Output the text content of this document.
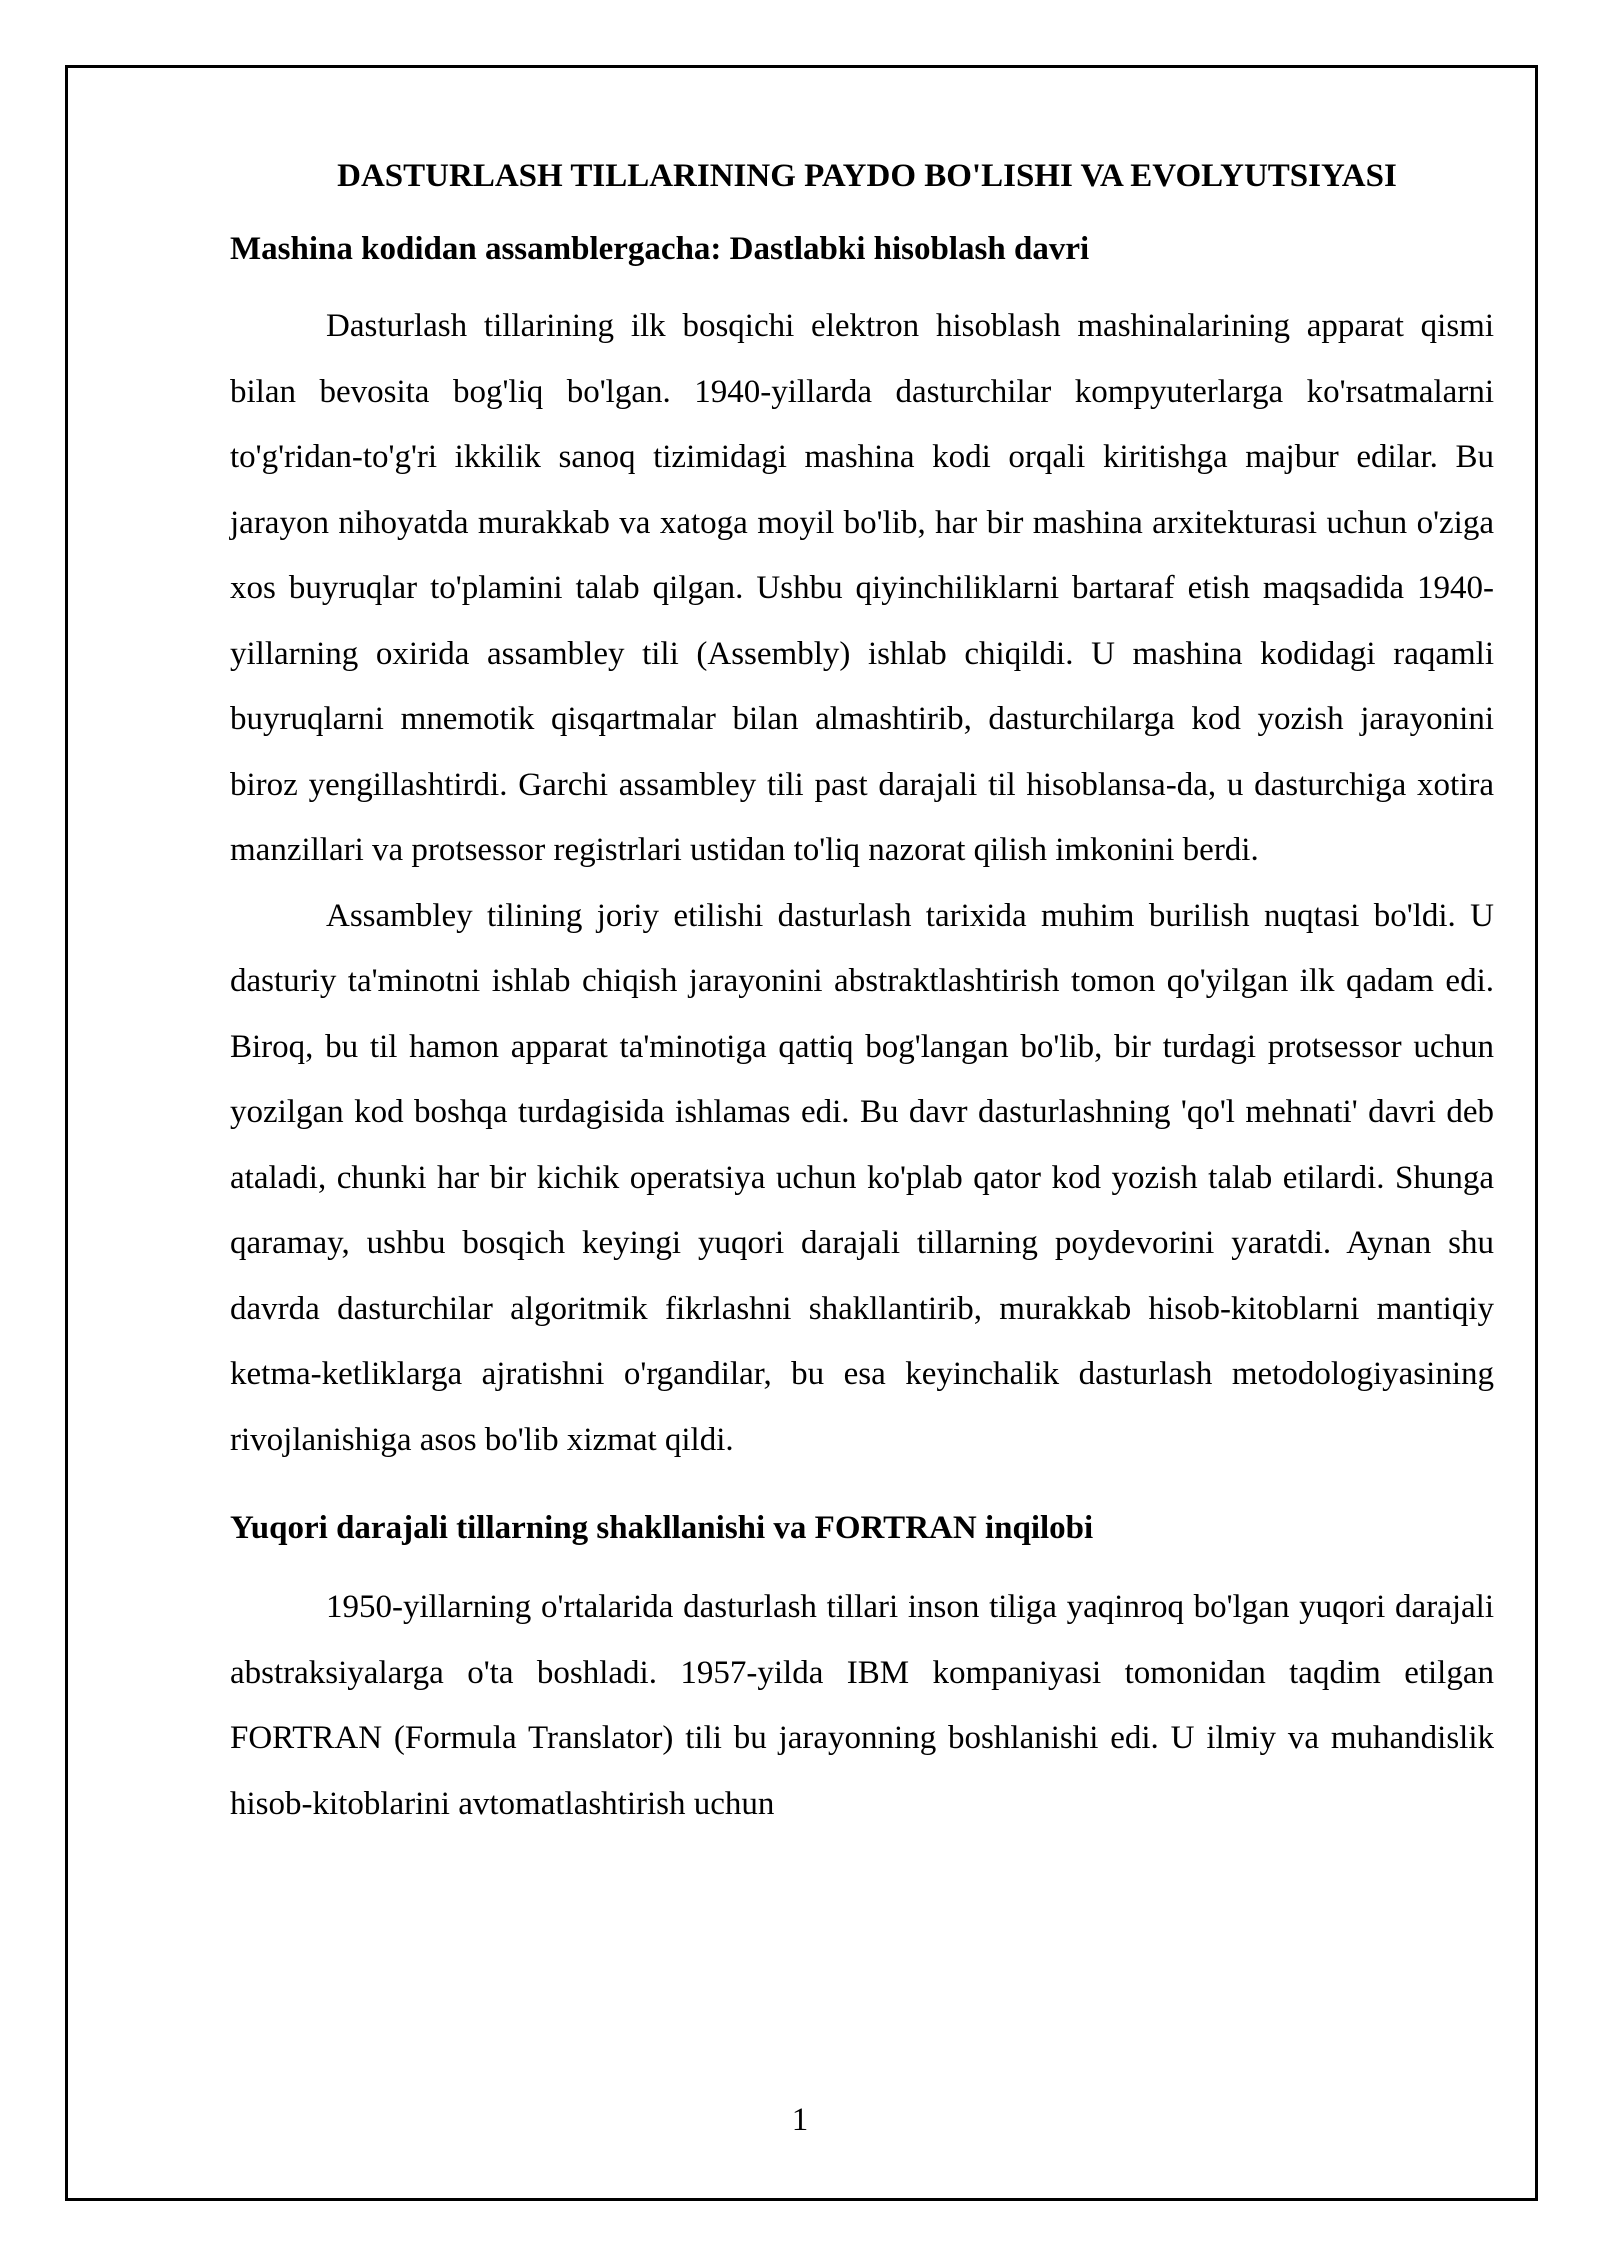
DASTURLASH TILLARINING PAYDO BO'LISHI VA EVOLYUTSIYASI
Mashina kodidan assamblergacha: Dastlabki hisoblash davri

Dasturlash tillarining ilk bosqichi elektron hisoblash mashinalarining apparat qismi bilan bevosita bog'liq bo'lgan. 1940-yillarda dasturchilar kompyuterlarga ko'rsatmalarni to'g'ridan-to'g'ri ikkilik sanoq tizimidagi mashina kodi orqali kiritishga majbur edilar. Bu jarayon nihoyatda murakkab va xatoga moyil bo'lib, har bir mashina arxitekturasi uchun o'ziga xos buyruqlar to'plamini talab qilgan. Ushbu qiyinchiliklarni bartaraf etish maqsadida 1940-yillarning oxirida assambley tili (Assembly) ishlab chiqildi. U mashina kodidagi raqamli buyruqlarni mnemotik qisqartmalar bilan almashtirib, dasturchilarga kod yozish jarayonini biroz yengillashtirdi. Garchi assambley tili past darajali til hisoblansa-da, u dasturchiga xotira manzillari va protsessor registrlari ustidan to'liq nazorat qilish imkonini berdi.

Assambley tilining joriy etilishi dasturlash tarixida muhim burilish nuqtasi bo'ldi. U dasturiy ta'minotni ishlab chiqish jarayonini abstraktlashtirish tomon qo'yilgan ilk qadam edi. Biroq, bu til hamon apparat ta'minotiga qattiq bog'langan bo'lib, bir turdagi protsessor uchun yozilgan kod boshqa turdagisida ishlamas edi. Bu davr dasturlashning 'qo'l mehnati' davri deb ataladi, chunki har bir kichik operatsiya uchun ko'plab qator kod yozish talab etilardi. Shunga qaramay, ushbu bosqich keyingi yuqori darajali tillarning poydevorini yaratdi. Aynan shu davrda dasturchilar algoritmik fikrlashni shakllantirib, murakkab hisob-kitoblarni mantiqiy ketma-ketliklarga ajratishni o'rgandilar, bu esa keyinchalik dasturlash metodologiyasining rivojlanishiga asos bo'lib xizmat qildi.

Yuqori darajali tillarning shakllanishi va FORTRAN inqilobi

1950-yillarning o'rtalarida dasturlash tillari inson tiliga yaqinroq bo'lgan yuqori darajali abstraksiyalarga o'ta boshladi. 1957-yilda IBM kompaniyasi tomonidan taqdim etilgan FORTRAN (Formula Translator) tili bu jarayonning boshlanishi edi. U ilmiy va muhandislik hisob-kitoblarini avtomatlashtirish uchun

1
